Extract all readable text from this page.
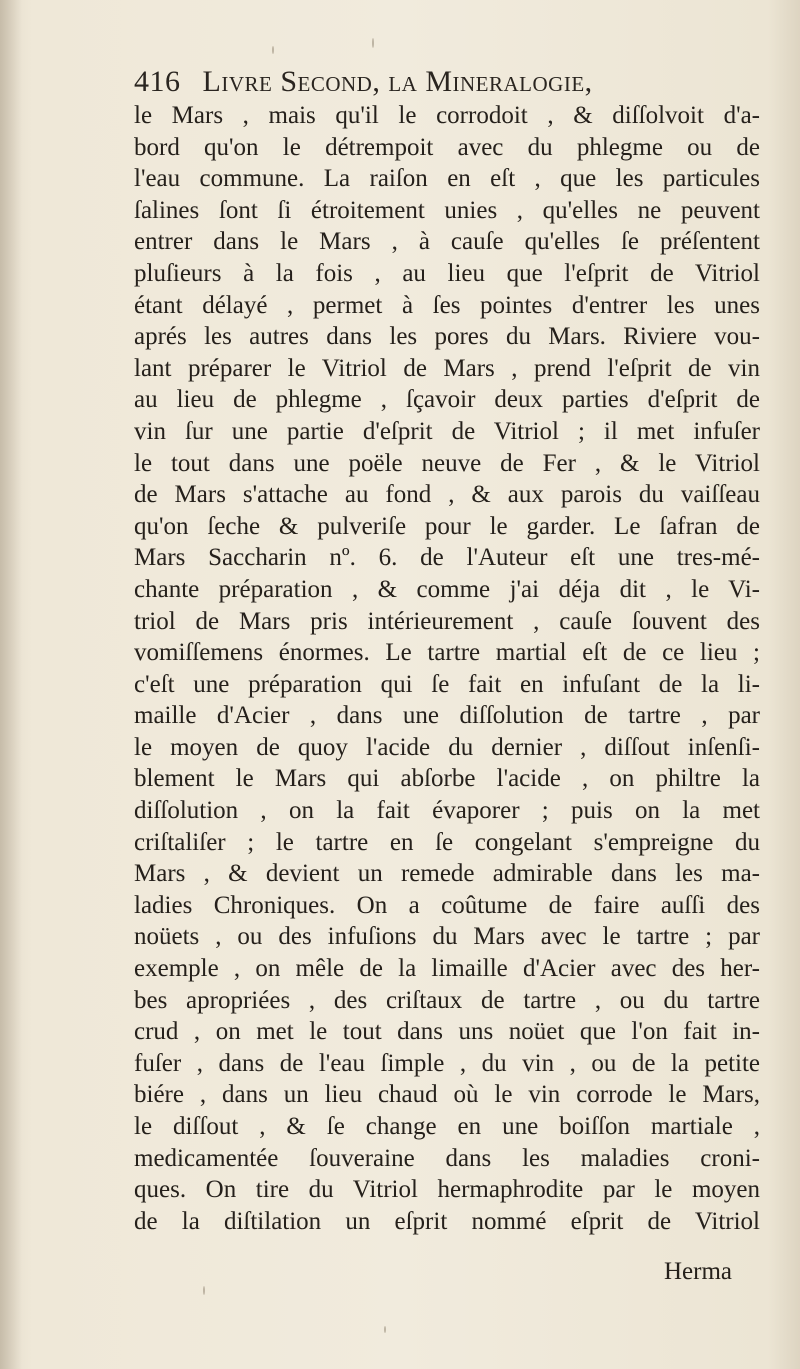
416 Livre Second, la Mineralogie,
le Mars , mais qu'il le corrodoit , & diſſolvoit d'a-
bord qu'on le détrempoit avec du phlegme ou de
l'eau commune. La raiſon en eſt , que les particules
ſalines ſont ſi étroitement unies , qu'elles ne peuvent
entrer dans le Mars , à cauſe qu'elles ſe préſentent
pluſieurs à la fois , au lieu que l'eſprit de Vitriol
étant délayé , permet à ſes pointes d'entrer les unes
aprés les autres dans les pores du Mars. Riviere vou-
lant préparer le Vitriol de Mars , prend l'eſprit de vin
au lieu de phlegme , ſçavoir deux parties d'eſprit de
vin ſur une partie d'eſprit de Vitriol ; il met infuſer
le tout dans une poële neuve de Fer , & le Vitriol
de Mars s'attache au fond , & aux parois du vaiſſeau
qu'on ſeche & pulveriſe pour le garder. Le ſafran de
Mars Saccharin nº. 6. de l'Auteur eſt une tres-mé-
chante préparation , & comme j'ai déja dit , le Vi-
triol de Mars pris intérieurement , cauſe ſouvent des
vomiſſemens énormes. Le tartre martial eſt de ce lieu ;
c'eſt une préparation qui ſe fait en infuſant de la li-
maille d'Acier , dans une diſſolution de tartre , par
le moyen de quoy l'acide du dernier , diſſout inſenſi-
blement le Mars qui abſorbe l'acide , on philtre la
diſſolution , on la fait évaporer ; puis on la met
criſtaliſer ; le tartre en ſe congelant s'empreigne du
Mars , & devient un remede admirable dans les ma-
ladies Chroniques. On a coûtume de faire auſſi des
noüets , ou des infuſions du Mars avec le tartre ; par
exemple , on mêle de la limaille d'Acier avec des her-
bes apropriées , des criſtaux de tartre , ou du tartre
crud , on met le tout dans uns noüet que l'on fait in-
fuſer , dans de l'eau ſimple , du vin , ou de la petite
biére , dans un lieu chaud où le vin corrode le Mars,
le diſſout , & ſe change en une boiſſon martiale ,
medicamentée ſouveraine dans les maladies croni-
ques. On tire du Vitriol hermaphrodite par le moyen
de la diſtilation un eſprit nommé eſprit de Vitriol
Herma
